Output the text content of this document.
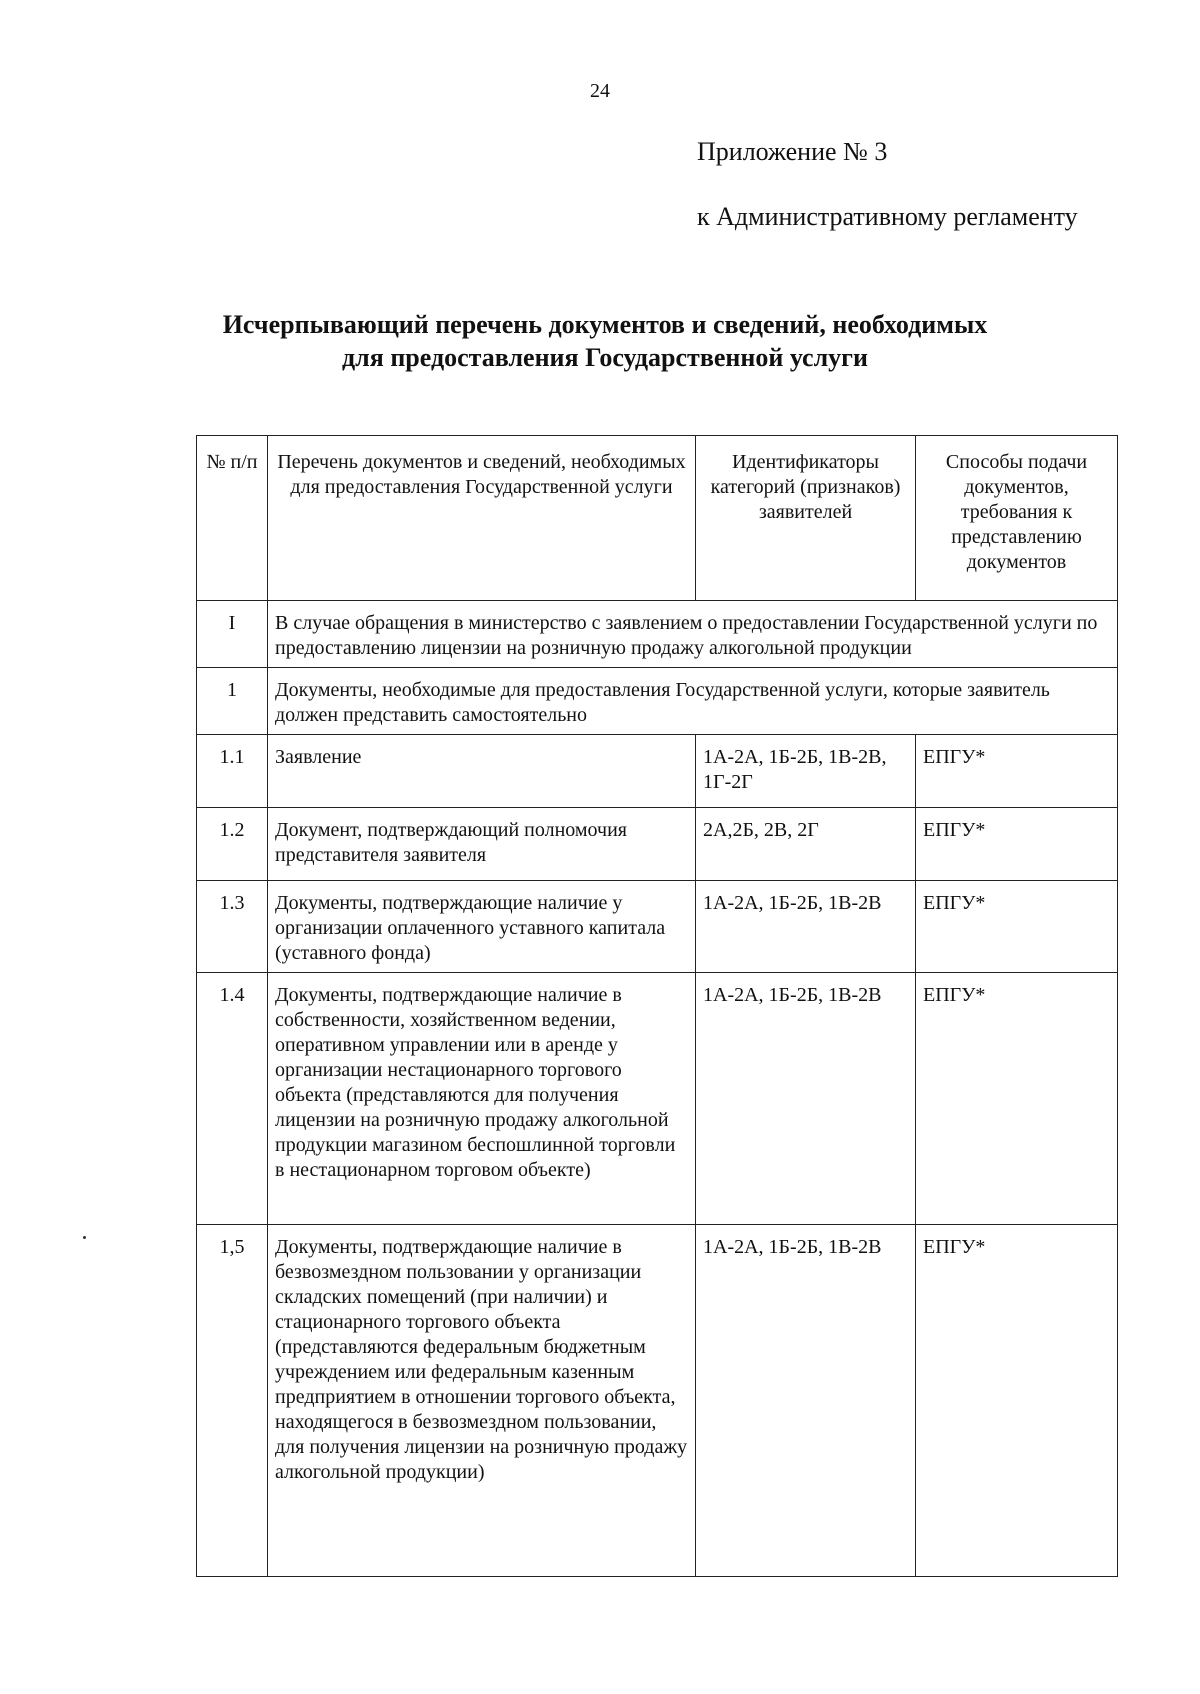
24
Приложение № 3
к Административному регламенту
Исчерпывающий перечень документов и сведений, необходимых
для предоставления Государственной услуги
№ п/п	Перечень документов и сведений, необходимых для предоставления Государственной услуги	Идентификаторы категорий (признаков) заявителей	Способы подачи документов, требования к представлению документов
I	В случае обращения в министерство с заявлением о предоставлении Государственной услуги по предоставлению лицензии на розничную продажу алкогольной продукции		
1	Документы, необходимые для предоставления Государственной услуги, которые заявитель должен представить самостоятельно		
1.1	Заявление	1А-2А, 1Б-2Б, 1В-2В, 1Г-2Г	ЕПГУ*
1.2	Документ, подтверждающий полномочия представителя заявителя	2А,2Б, 2В, 2Г	ЕПГУ*
1.3	Документы, подтверждающие наличие у организации оплаченного уставного капитала (уставного фонда)	1А-2А, 1Б-2Б, 1В-2В	ЕПГУ*
1.4	Документы, подтверждающие наличие в собственности, хозяйственном ведении, оперативном управлении или в аренде у организации нестационарного торгового объекта (представляются для получения лицензии на розничную продажу алкогольной продукции магазином беспошлинной торговли в нестационарном торговом объекте)	1А-2А, 1Б-2Б, 1В-2В	ЕПГУ*
1,5	Документы, подтверждающие наличие в безвозмездном пользовании у организации складских помещений (при наличии) и стационарного торгового объекта (представляются федеральным бюджетным учреждением или федеральным казенным предприятием в отношении торгового объекта, находящегося в безвозмездном пользовании, для получения лицензии на розничную продажу алкогольной продукции)	1А-2А, 1Б-2Б, 1В-2В	ЕПГУ*
